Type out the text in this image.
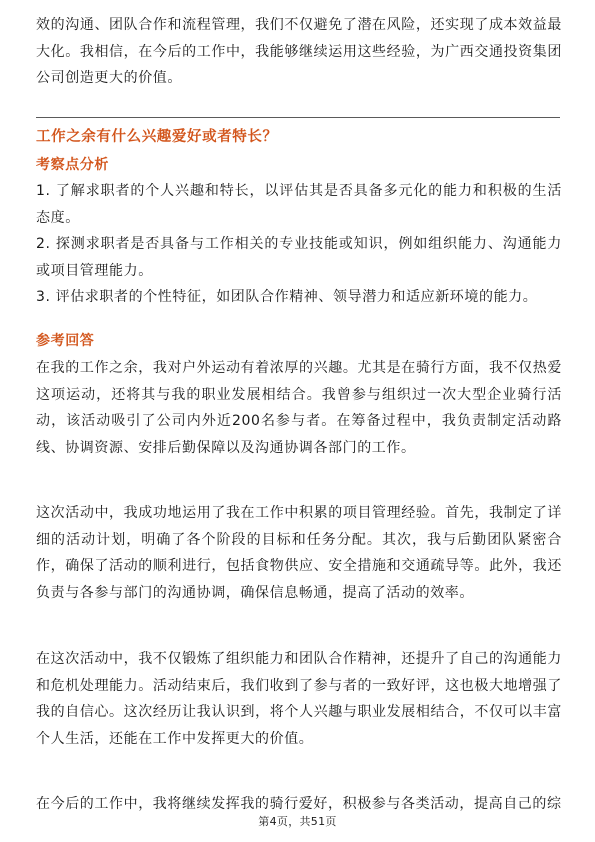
效的沟通、团队合作和流程管理，我们不仅避免了潜在风险，还实现了成本效益最大化。我相信，在今后的工作中，我能够继续运用这些经验，为广西交通投资集团公司创造更大的价值。
工作之余有什么兴趣爱好或者特长？
考察点分析

1. 了解求职者的个人兴趣和特长，以评估其是否具备多元化的能力和积极的生活态度。

2. 探测求职者是否具备与工作相关的专业技能或知识，例如组织能力、沟通能力或项目管理能力。

3. 评估求职者的个性特征，如团队合作精神、领导潜力和适应新环境的能力。

参考回答

在我的工作之余，我对户外运动有着浓厚的兴趣。尤其是在骑行方面，我不仅热爱这项运动，还将其与我的职业发展相结合。我曾参与组织过一次大型企业骑行活动，该活动吸引了公司内外近200名参与者。在筹备过程中，我负责制定活动路线、协调资源、安排后勤保障以及沟通协调各部门的工作。

这次活动中，我成功地运用了我在工作中积累的项目管理经验。首先，我制定了详细的活动计划，明确了各个阶段的目标和任务分配。其次，我与后勤团队紧密合作，确保了活动的顺利进行，包括食物供应、安全措施和交通疏导等。此外，我还负责与各参与部门的沟通协调，确保信息畅通，提高了活动的效率。

在这次活动中，我不仅锻炼了组织能力和团队合作精神，还提升了自己的沟通能力和危机处理能力。活动结束后，我们收到了参与者的一致好评，这也极大地增强了我的自信心。这次经历让我认识到，将个人兴趣与职业发展相结合，不仅可以丰富个人生活，还能在工作中发挥更大的价值。

在今后的工作中，我将继续发挥我的骑行爱好，积极参与各类活动，提高自己的综

第4页，共51页
